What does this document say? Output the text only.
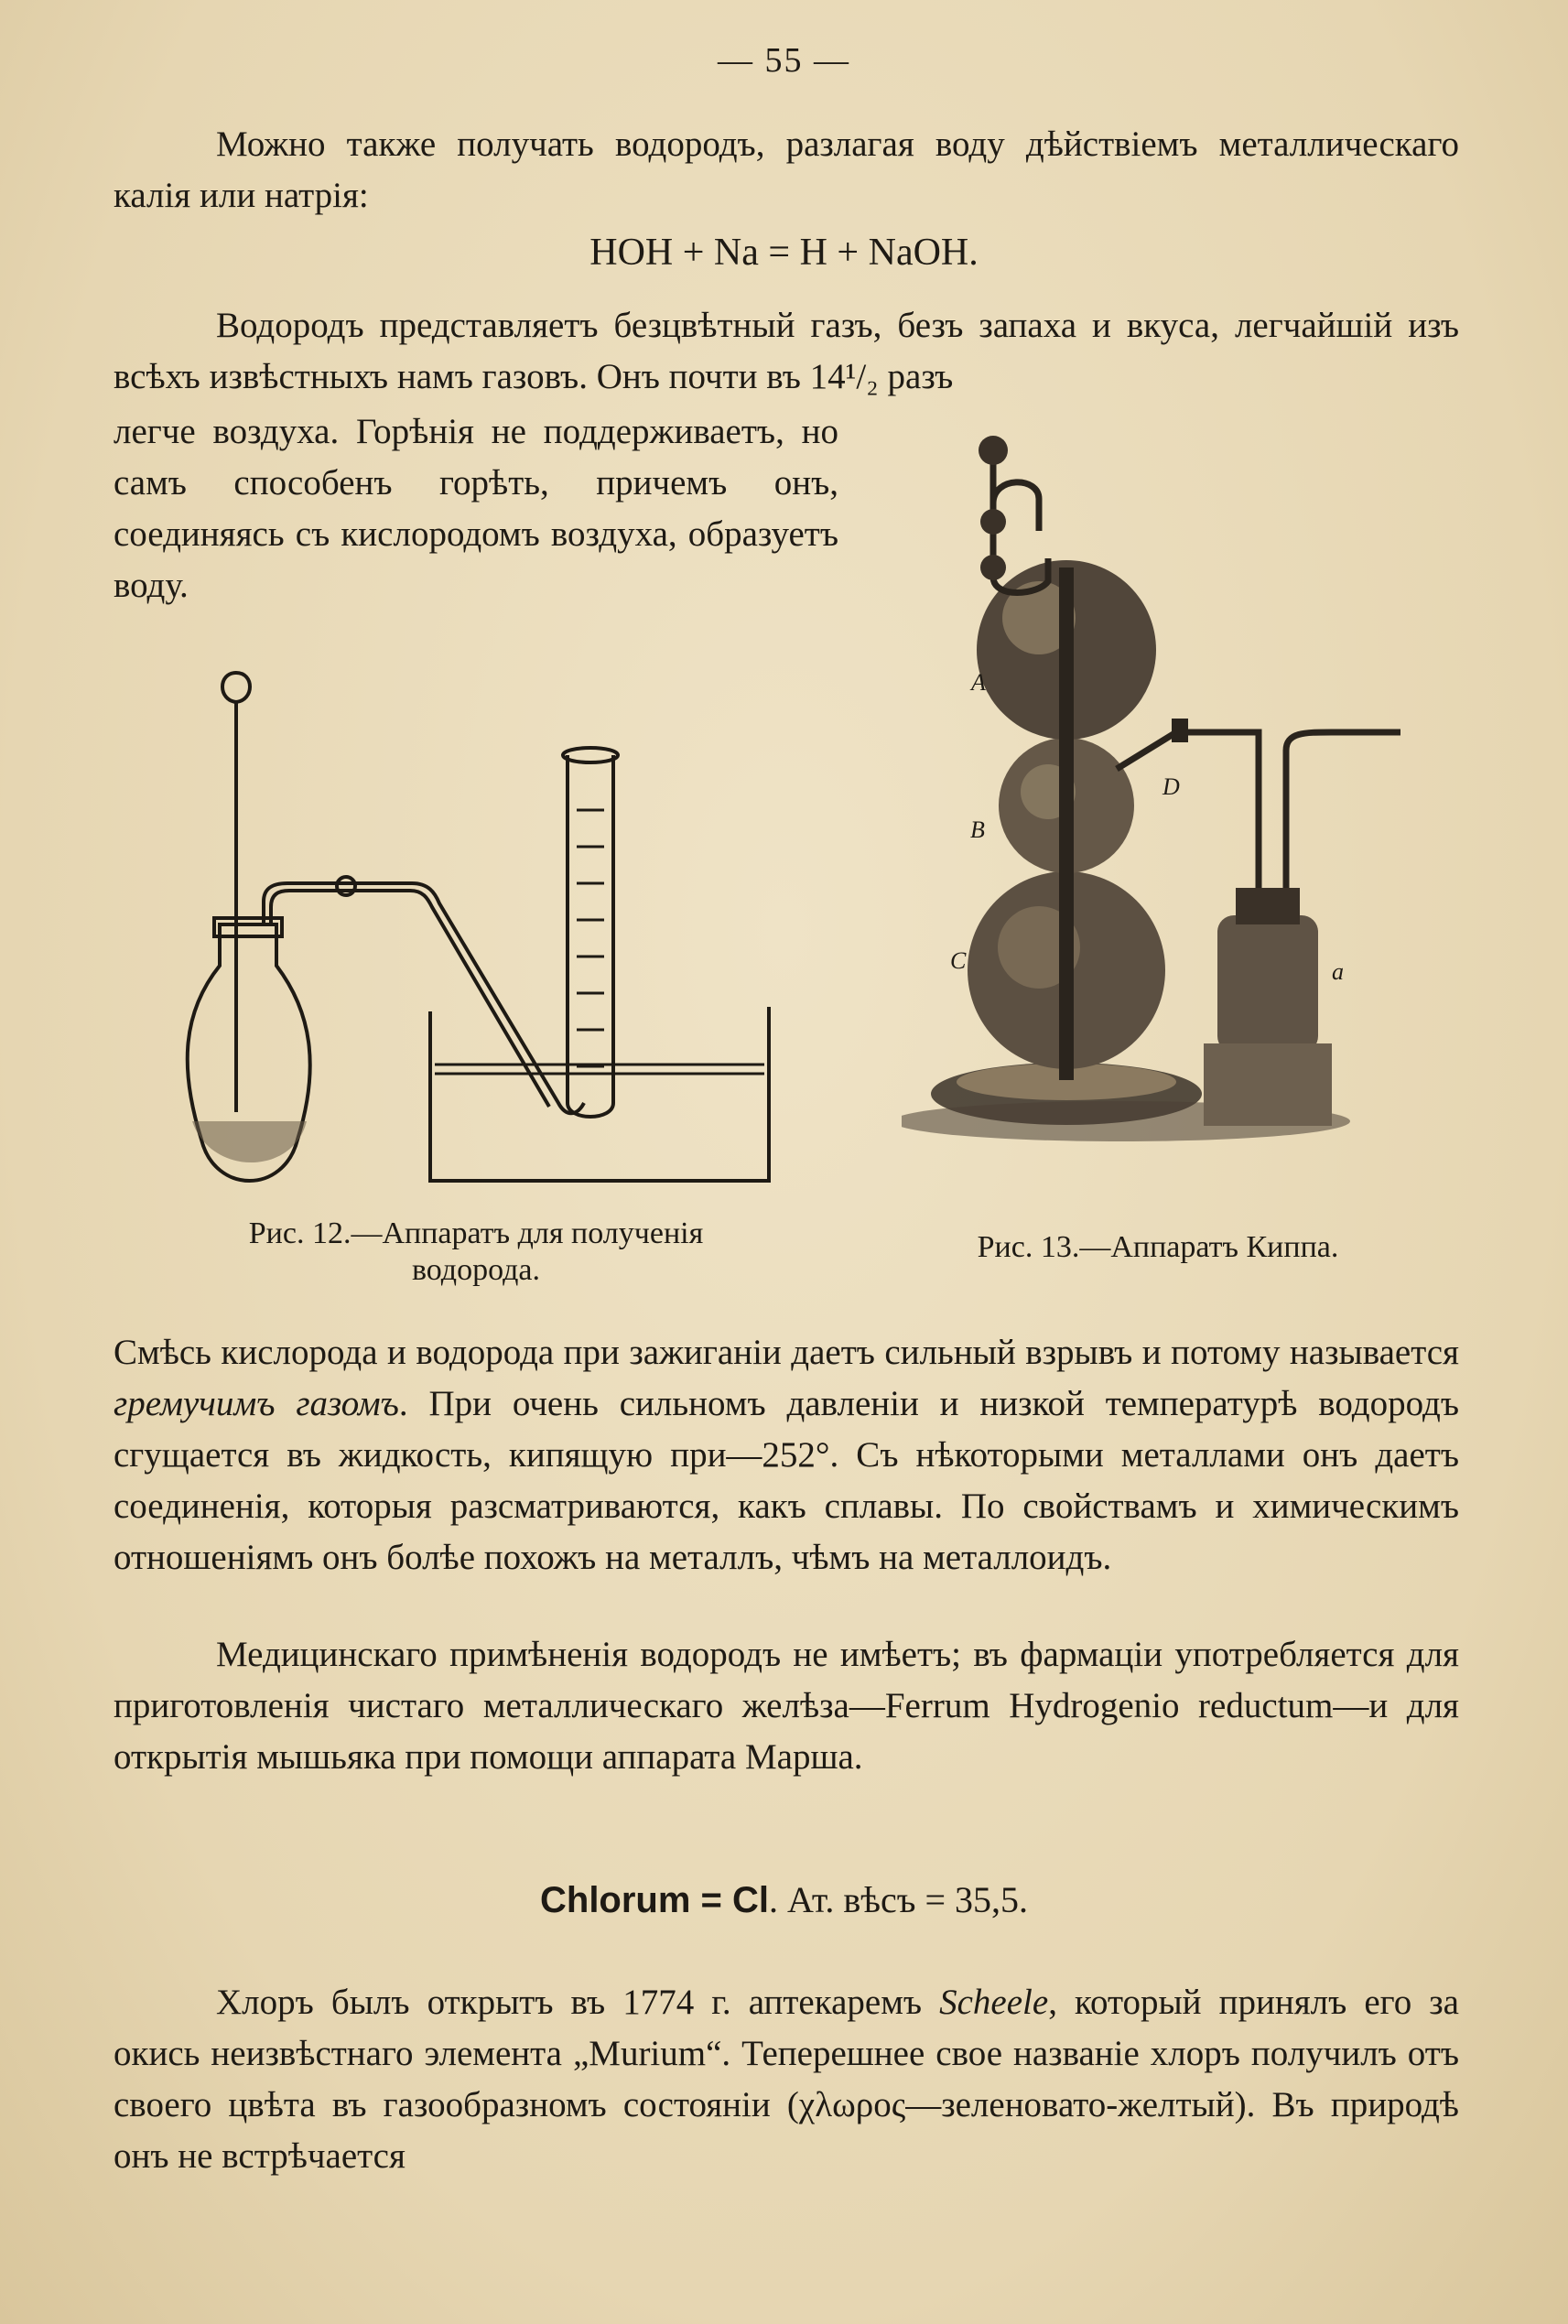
— 55 —
Можно также получать водородъ, разлагая воду дѣйствіемъ металлическаго калія или натрія:
HOH + Na = H + NaOH.
Водородъ представляетъ безцвѣтный газъ, безъ запаха и вкуса, легчайшій изъ всѣхъ извѣстныхъ намъ газовъ. Онъ почти въ 14¹/₂ разъ
легче воздуха. Горѣнія не поддерживаетъ, но самъ способенъ горѣть, причемъ онъ, соединяясь съ кислородомъ воздуха, образуетъ воду.
Рис. 12.—Аппаратъ для полученія
водорода.
A
B
C
D
a
Рис. 13.—Аппаратъ Киппа.
Смѣсь кислорода и водорода при зажиганіи даетъ сильный взрывъ и потому называется гремучимъ газомъ. При очень сильномъ давленіи и низкой температурѣ водородъ сгущается въ жидкость, кипящую при—252°. Съ нѣкоторыми металлами онъ даетъ соединенія, которыя разсматриваются, какъ сплавы. По свойствамъ и химическимъ отношеніямъ онъ болѣе похожъ на металлъ, чѣмъ на металлоидъ.
Медицинскаго примѣненія водородъ не имѣетъ; въ фармаціи употребляется для приготовленія чистаго металлическаго желѣза—Ferrum Hydrogenio reductum—и для открытія мышьяка при помощи аппарата Марша.
Chlorum = Cl. Ат. вѣсъ = 35,5.
Хлоръ былъ открытъ въ 1774 г. аптекаремъ Scheele, который принялъ его за окись неизвѣстнаго элемента „Murium“. Теперешнее свое названіе хлоръ получилъ отъ своего цвѣта въ газообразномъ состояніи (χλωρος—зеленовато-желтый). Въ природѣ онъ не встрѣчается
